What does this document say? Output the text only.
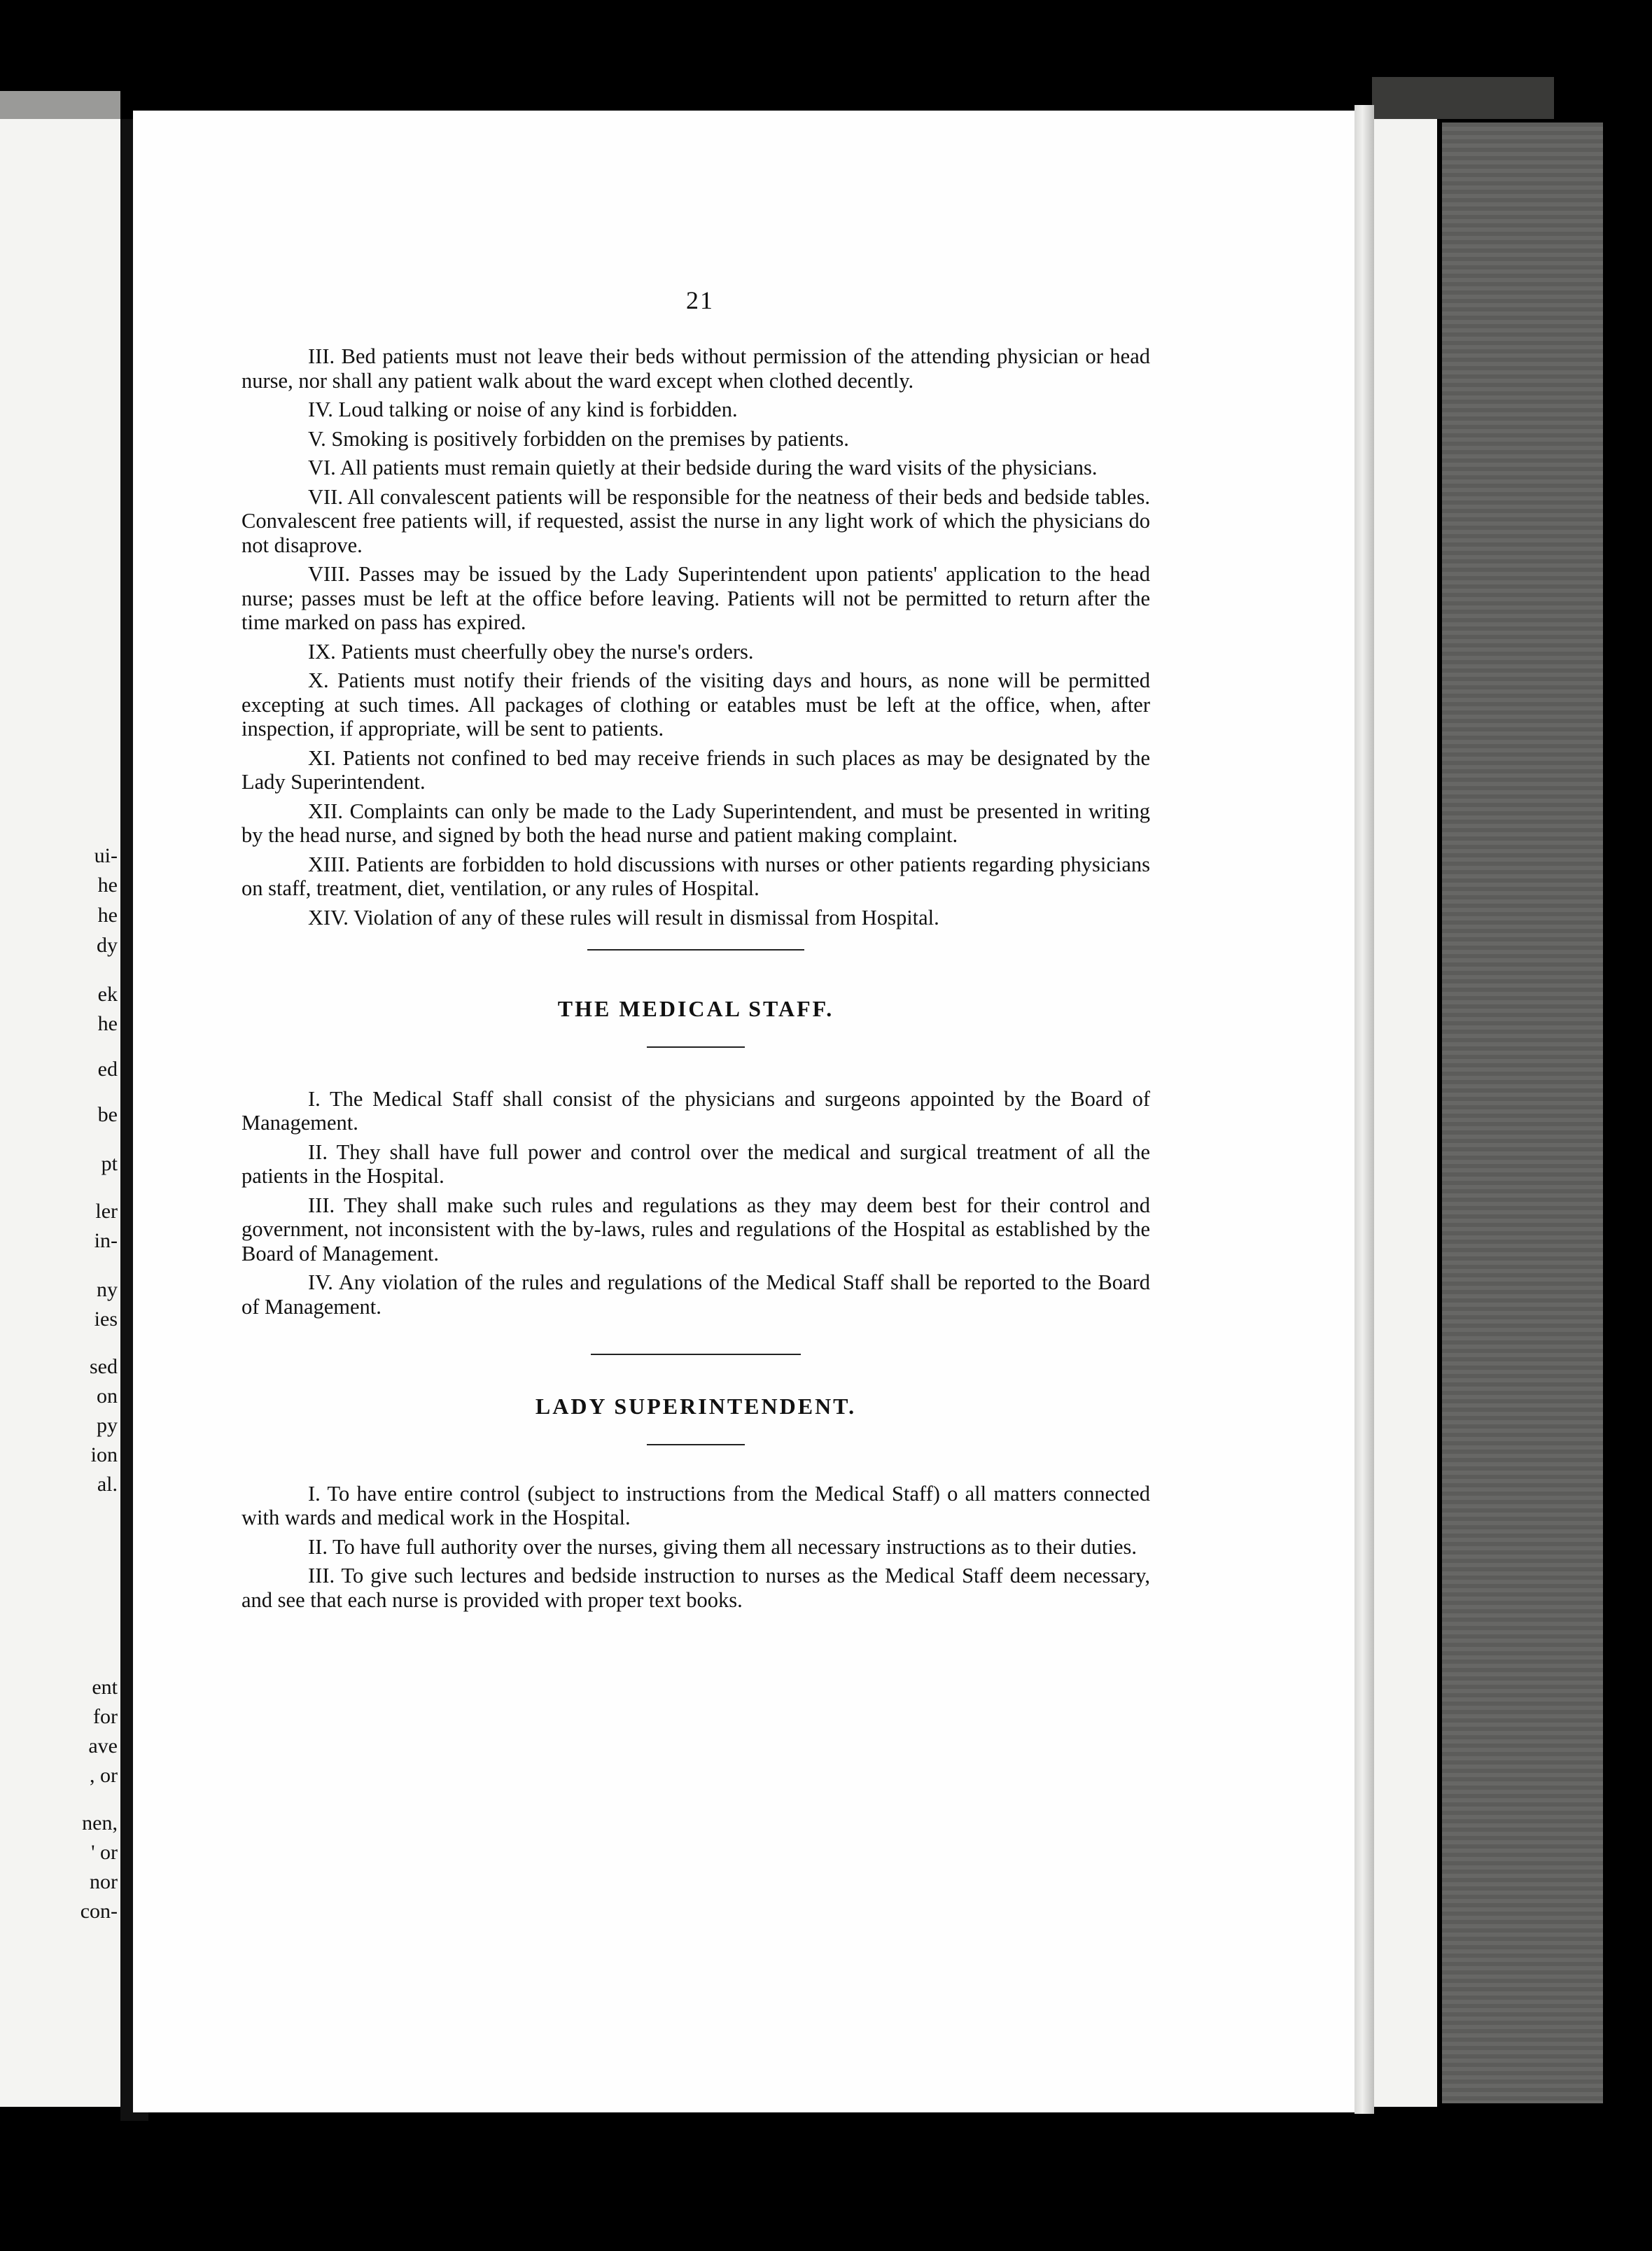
ui-
he
he
dy
ek
he
ed
be
pt
ler
in-
ny
ies
sed
on
py
ion
al.
ent
for
ave
, or
nen,
' or
nor
con-
21

III. Bed patients must not leave their beds without permission of the attending physician or head nurse, nor shall any patient walk about the ward except when clothed decently.

IV. Loud talking or noise of any kind is forbidden.

V. Smoking is positively forbidden on the premises by patients.

VI. All patients must remain quietly at their bedside during the ward visits of the physicians.

VII. All convalescent patients will be responsible for the neatness of their beds and bedside tables. Convalescent free patients will, if requested, assist the nurse in any light work of which the physicians do not disaprove.

VIII. Passes may be issued by the Lady Superintendent upon patients' application to the head nurse; passes must be left at the office before leaving. Patients will not be permitted to return after the time marked on pass has expired.

IX. Patients must cheerfully obey the nurse's orders.

X. Patients must notify their friends of the visiting days and hours, as none will be permitted excepting at such times. All packages of clothing or eatables must be left at the office, when, after inspection, if appropriate, will be sent to patients.

XI. Patients not confined to bed may receive friends in such places as may be designated by the Lady Superintendent.

XII. Complaints can only be made to the Lady Superintendent, and must be presented in writing by the head nurse, and signed by both the head nurse and patient making complaint.

XIII. Patients are forbidden to hold discussions with nurses or other patients regarding physicians on staff, treatment, diet, ventilation, or any rules of Hospital.

XIV. Violation of any of these rules will result in dismissal from Hospital.

THE MEDICAL STAFF.

I. The Medical Staff shall consist of the physicians and surgeons appointed by the Board of Management.

II. They shall have full power and control over the medical and surgical treatment of all the patients in the Hospital.

III. They shall make such rules and regulations as they may deem best for their control and government, not inconsistent with the by-laws, rules and regulations of the Hospital as established by the Board of Management.

IV. Any violation of the rules and regulations of the Medical Staff shall be reported to the Board of Management.

LADY SUPERINTENDENT.

I. To have entire control (subject to instructions from the Medical Staff) o all matters connected with wards and medical work in the Hospital.

II. To have full authority over the nurses, giving them all necessary instructions as to their duties.

III. To give such lectures and bedside instruction to nurses as the Medical Staff deem necessary, and see that each nurse is provided with proper text books.
